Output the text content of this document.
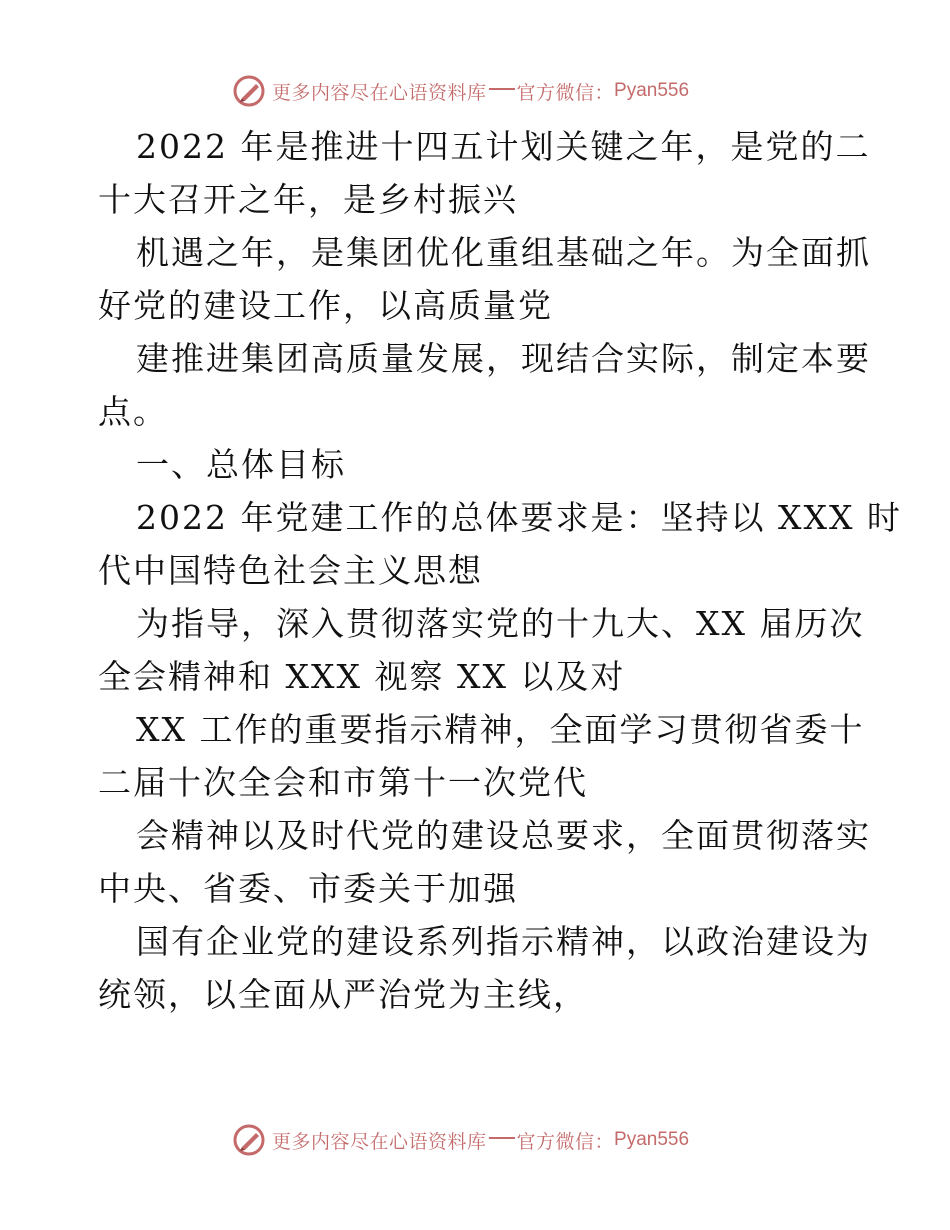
更多内容尽在心语资料库 官方微信： Pyan556
2022 年是推进十四五计划关键之年，是党的二
十大召开之年，是乡村振兴
机遇之年，是集团优化重组基础之年。为全面抓
好党的建设工作，以高质量党
建推进集团高质量发展，现结合实际，制定本要
点。
一、总体目标
2022 年党建工作的总体要求是：坚持以 XXX 时
代中国特色社会主义思想
为指导，深入贯彻落实党的十九大、XX 届历次
全会精神和 XXX 视察 XX 以及对
XX 工作的重要指示精神，全面学习贯彻省委十
二届十次全会和市第十一次党代
会精神以及时代党的建设总要求，全面贯彻落实
中央、省委、市委关于加强
国有企业党的建设系列指示精神，以政治建设为
统领，以全面从严治党为主线，
更多内容尽在心语资料库 官方微信： Pyan556
